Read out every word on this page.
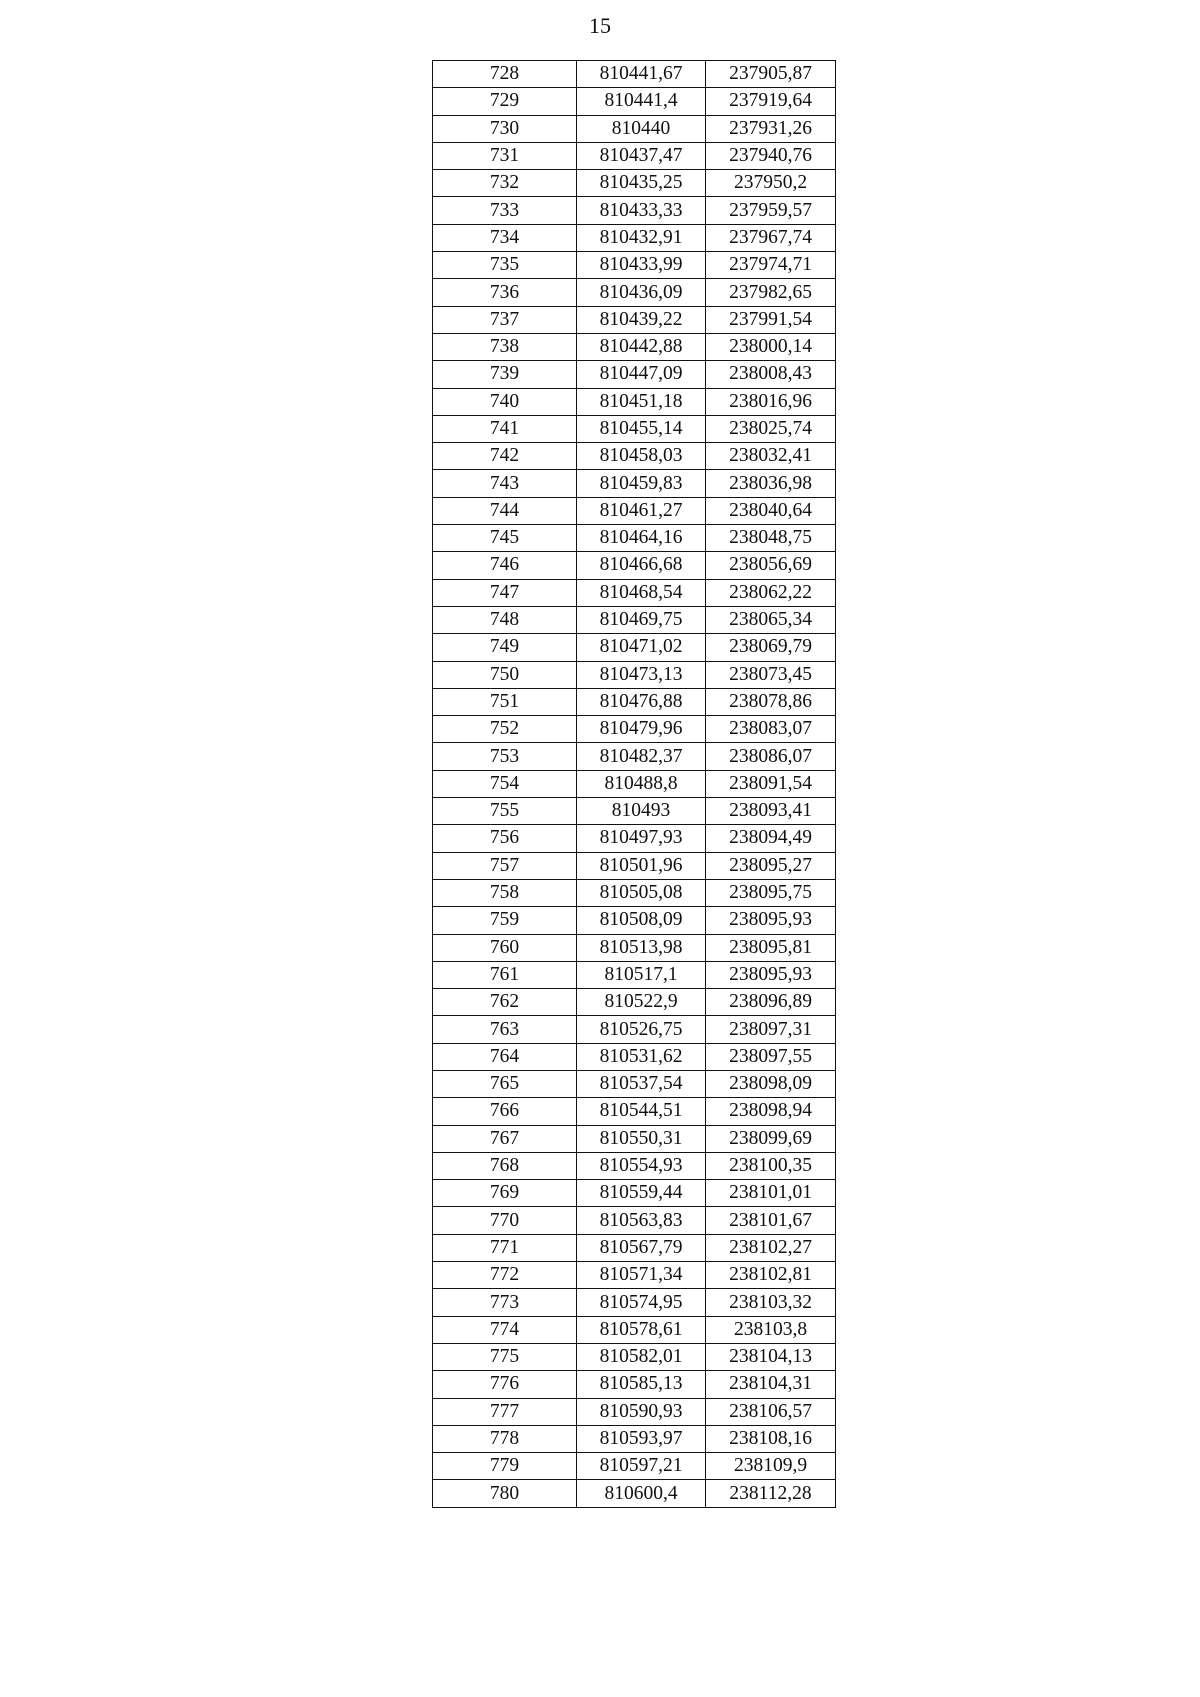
15
728	810441,67	237905,87
729	810441,4	237919,64
730	810440	237931,26
731	810437,47	237940,76
732	810435,25	237950,2
733	810433,33	237959,57
734	810432,91	237967,74
735	810433,99	237974,71
736	810436,09	237982,65
737	810439,22	237991,54
738	810442,88	238000,14
739	810447,09	238008,43
740	810451,18	238016,96
741	810455,14	238025,74
742	810458,03	238032,41
743	810459,83	238036,98
744	810461,27	238040,64
745	810464,16	238048,75
746	810466,68	238056,69
747	810468,54	238062,22
748	810469,75	238065,34
749	810471,02	238069,79
750	810473,13	238073,45
751	810476,88	238078,86
752	810479,96	238083,07
753	810482,37	238086,07
754	810488,8	238091,54
755	810493	238093,41
756	810497,93	238094,49
757	810501,96	238095,27
758	810505,08	238095,75
759	810508,09	238095,93
760	810513,98	238095,81
761	810517,1	238095,93
762	810522,9	238096,89
763	810526,75	238097,31
764	810531,62	238097,55
765	810537,54	238098,09
766	810544,51	238098,94
767	810550,31	238099,69
768	810554,93	238100,35
769	810559,44	238101,01
770	810563,83	238101,67
771	810567,79	238102,27
772	810571,34	238102,81
773	810574,95	238103,32
774	810578,61	238103,8
775	810582,01	238104,13
776	810585,13	238104,31
777	810590,93	238106,57
778	810593,97	238108,16
779	810597,21	238109,9
780	810600,4	238112,28
